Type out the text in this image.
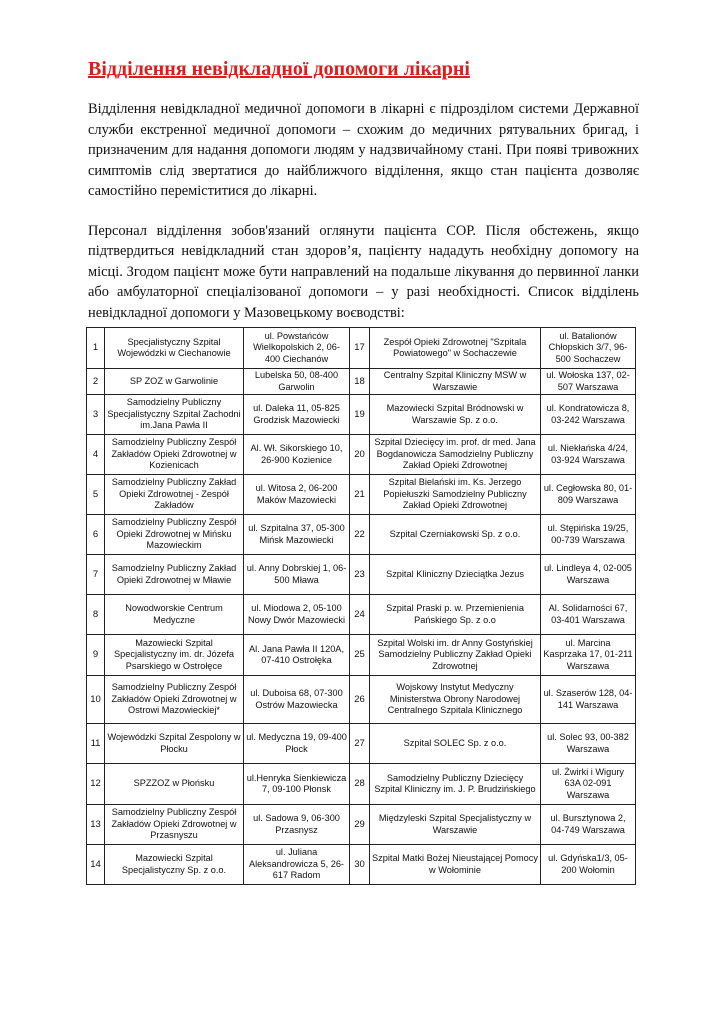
Відділення невідкладної допомоги лікарні

Відділення невідкладної медичної допомоги в лікарні є підрозділом системи Державної служби екстренної медичної допомоги – схожим до медичних рятувальних бригад, і призначеним для надання допомоги людям у надзвичайному стані. При появі тривожних симптомів слід звертатися до найближчого відділення, якщо стан пацієнта дозволяє самостійно переміститися до лікарні.

Персонал відділення зобов'язаний оглянути пацієнта СОР. Після обстежень, якщо підтвердиться невідкладний стан здоров’я, пацієнту нададуть необхідну допомогу на місці. Згодом пацієнт може бути направлений на подальше лікування до первинної ланки або амбулаторної спеціалізованої допомоги – у разі необхідності. Список відділень невідкладної допомоги у Мазовецькому воєводстві:

1	Specjalistyczny Szpital Wojewódzki w Ciechanowie	ul. Powstańców Wielkopolskich 2, 06-400 Ciechanów	17	Zespół Opieki Zdrowotnej "Szpitala Powiatowego" w Sochaczewie	ul. Batalionów Chłopskich 3/7, 96-500 Sochaczew
2	SP ZOZ w Garwolinie	Lubelska 50, 08-400 Garwolin	18	Centralny Szpital Kliniczny MSW w Warszawie	ul. Wołoska 137, 02-507 Warszawa
3	Samodzielny Publiczny Specjalistyczny Szpital Zachodni im.Jana Pawła II	ul. Daleka 11, 05-825 Grodzisk Mazowiecki	19	Mazowiecki Szpital Bródnowski w Warszawie Sp. z o.o.	ul. Kondratowicza 8, 03-242 Warszawa
4	Samodzielny Publiczny Zespół Zakładów Opieki Zdrowotnej w Kozienicach	Al. Wł. Sikorskiego 10, 26-900 Kozienice	20	Szpital Dziecięcy im. prof. dr med. Jana Bogdanowicza Samodzielny Publiczny Zakład Opieki Zdrowotnej	ul. Niekłańska 4/24, 03-924 Warszawa
5	Samodzielny Publiczny Zakład Opieki Zdrowotnej - Zespół Zakładów	ul. Witosa 2, 06-200 Maków Mazowiecki	21	Szpital Bielański im. Ks. Jerzego Popiełuszki Samodzielny Publiczny Zakład Opieki Zdrowotnej	ul. Cegłowska 80, 01-809 Warszawa
6	Samodzielny Publiczny Zespół Opieki Zdrowotnej w Mińsku Mazowieckim	ul. Szpitalna 37, 05-300 Mińsk Mazowiecki	22	Szpital Czerniakowski Sp. z o.o.	ul. Stępińska 19/25, 00-739 Warszawa
7	Samodzielny Publiczny Zakład Opieki Zdrowotnej w Mławie	ul. Anny Dobrskiej 1, 06-500 Mława	23	Szpital Kliniczny Dzieciątka Jezus	ul. Lindleya 4, 02-005 Warszawa
8	Nowodworskie Centrum Medyczne	ul. Miodowa 2, 05-100 Nowy Dwór Mazowiecki	24	Szpital Praski p. w. Przemienienia Pańskiego Sp. z o.o	Al. Solidarności 67, 03-401 Warszawa
9	Mazowiecki Szpital Specjalistyczny im. dr. Józefa Psarskiego w Ostrołęce	Al. Jana Pawła II 120A, 07-410 Ostrołęka	25	Szpital Wolski im. dr Anny Gostyńskiej Samodzielny Publiczny Zakład Opieki Zdrowotnej	ul. Marcina Kasprzaka 17, 01-211 Warszawa
10	Samodzielny Publiczny Zespół Zakładów Opieki Zdrowotnej w Ostrowi Mazowieckiej*	ul. Duboisa 68, 07-300 Ostrów Mazowiecka	26	Wojskowy Instytut Medyczny Ministerstwa Obrony Narodowej Centralnego Szpitala Klinicznego	ul. Szaserów 128, 04-141 Warszawa
11	Wojewódzki Szpital Zespolony w Płocku	ul. Medyczna 19, 09-400 Płock	27	Szpital SOLEC Sp. z o.o.	ul. Solec 93, 00-382 Warszawa
12	SPZZOZ w Płońsku	ul.Henryka Sienkiewicza 7, 09-100 Płonsk	28	Samodzielny Publiczny Dziecięcy Szpital Kliniczny im. J. P. Brudzińskiego	ul. Żwirki i Wigury 63A 02-091 Warszawa
13	Samodzielny Publiczny Zespół Zakładów Opieki Zdrowotnej w Przasnyszu	ul. Sadowa 9, 06-300 Przasnysz	29	Międzyleski Szpital Specjalistyczny w Warszawie	ul. Bursztynowa 2, 04-749 Warszawa
14	Mazowiecki Szpital Specjalistyczny Sp. z o.o.	ul. Juliana Aleksandrowicza 5, 26-617 Radom	30	Szpital Matki Bożej Nieustającej Pomocy w Wołominie	ul. Gdyńska1/3, 05-200 Wołomin
